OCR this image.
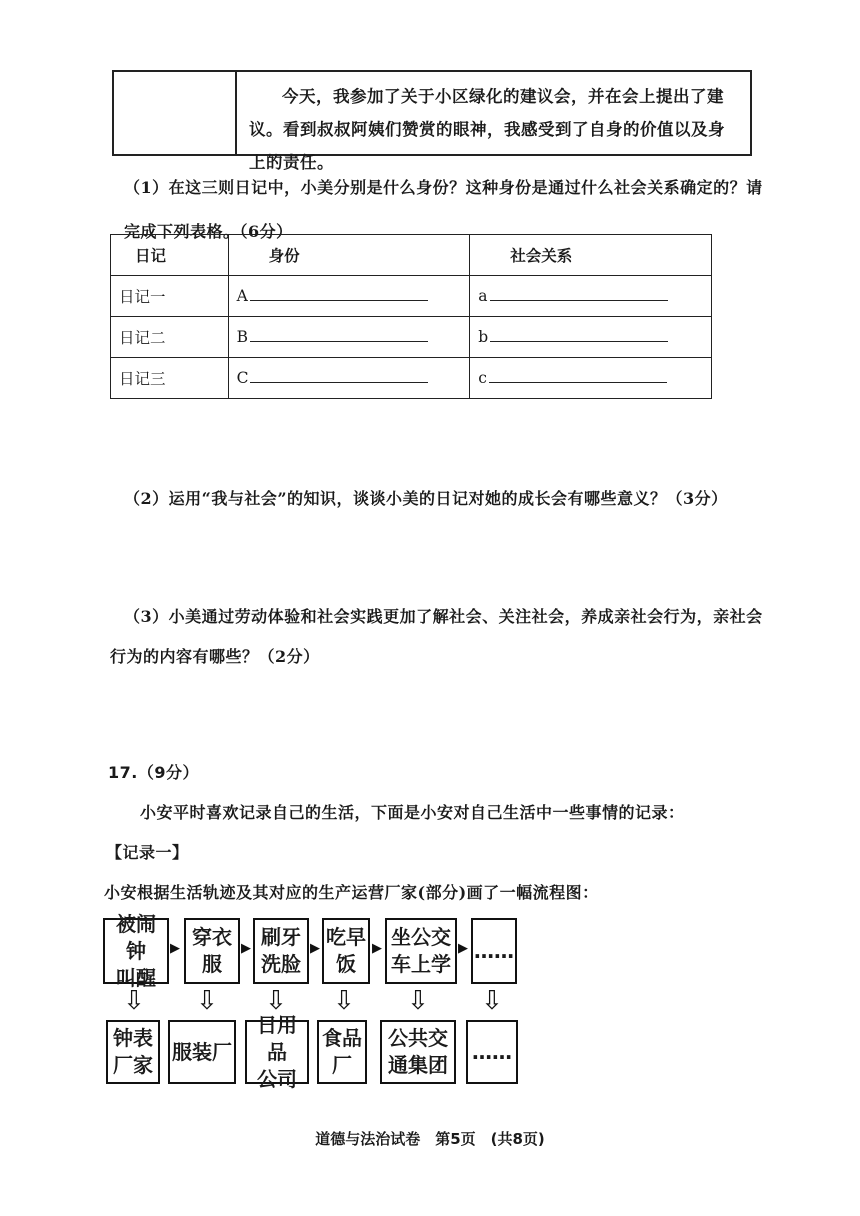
今天，我参加了关于小区绿化的建议会，并在会上提出了建议。看到叔叔阿姨们赞赏的眼神，我感受到了自身的价值以及身上的责任。
（1）在这三则日记中，小美分别是什么身份？这种身份是通过什么社会关系确定的？请完成下列表格。（6分）
日记	身份	社会关系
日记一	A	a
日记二	B	b
日记三	C	c
（2）运用“我与社会”的知识，谈谈小美的日记对她的成长会有哪些意义？（3分）
（3）小美通过劳动体验和社会实践更加了解社会、关注社会，养成亲社会行为，亲社会
行为的内容有哪些？（2分）
17.（9分）
小安平时喜欢记录自己的生活，下面是小安对自己生活中一些事情的记录：
【记录一】
小安根据生活轨迹及其对应的生产运营厂家(部分)画了一幅流程图：
被闹钟
叫醒
▶ 穿衣
服
▶ 刷牙
洗脸
▶ 吃早
饭
▶ 坐公交
车上学
▶ ……
⇩ ⇩ ⇩ ⇩ ⇩ ⇩
钟表
厂家
服装厂
日用品
公司
食品
厂
公共交
通集团
……
道德与法治试卷　第5页　(共8页)
